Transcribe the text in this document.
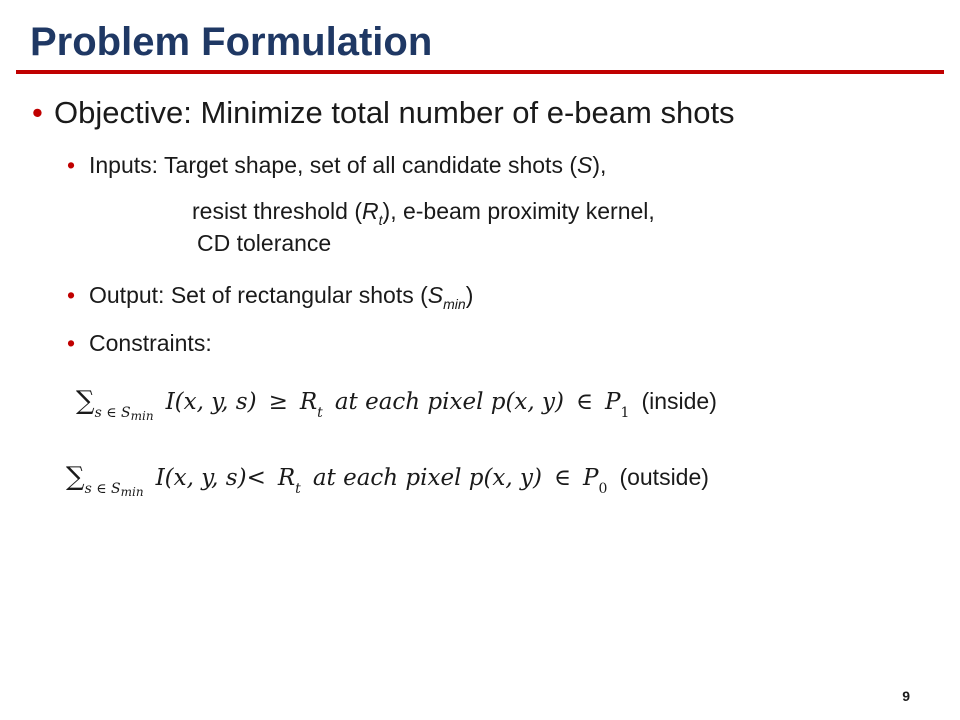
Problem Formulation

• Objective: Minimize total number of e-beam shots

• Inputs: Target shape, set of all candidate shots (S),

resist threshold $(R_t)$, e-beam proximity kernel,
CD tolerance

• Output: Set of rectangular shots $(S_{min})$

• Constraints:

$\sum_{s \in S_{min}}I(x$, y, $s) \ge R_t$ at each pixel p(x, y) ∈ $P_1$ (inside)
$\sum_{s \in S_{min}}I(x$, y, $s)< R_t$ at each pixel p(x, y) ∈ $P_0$ (outside)
9
